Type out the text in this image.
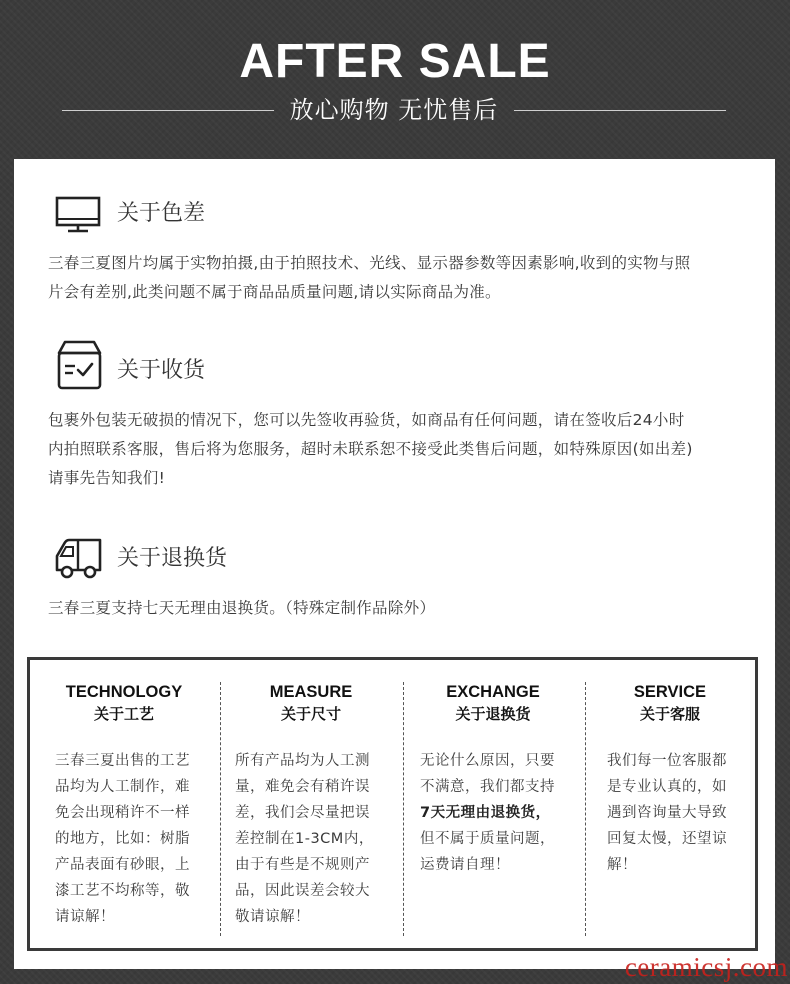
AFTER SALE
放心购物 无忧售后
关于色差
三春三夏图片均属于实物拍摄,由于拍照技术、光线、显示器参数等因素影响,收到的实物与照
片会有差别,此类问题不属于商品品质量问题,请以实际商品为准。
关于收货
包裹外包装无破损的情况下，您可以先签收再验货，如商品有任何问题，请在签收后24小时
内拍照联系客服，售后将为您服务，超时未联系恕不接受此类售后问题，如特殊原因(如出差)
请事先告知我们!
关于退换货
三春三夏支持七天无理由退换货。（特殊定制作品除外）
TECHNOLOGY
关于工艺
三春三夏出售的工艺
品均为人工制作，难
免会出现稍许不一样
的地方，比如：树脂
产品表面有砂眼，上
漆工艺不均称等，敬
请谅解！
MEASURE
关于尺寸
所有产品均为人工测
量，难免会有稍许误
差，我们会尽量把误
差控制在1-3CM内，
由于有些是不规则产
品，因此误差会较大
敬请谅解！
EXCHANGE
关于退换货
无论什么原因，只要
不满意，我们都支持
7天无理由退换货，
但不属于质量问题，
运费请自理！
SERVICE
关于客服
我们每一位客服都
是专业认真的，如
遇到咨询量大导致
回复太慢，还望谅
解！
ceramicsj.com
